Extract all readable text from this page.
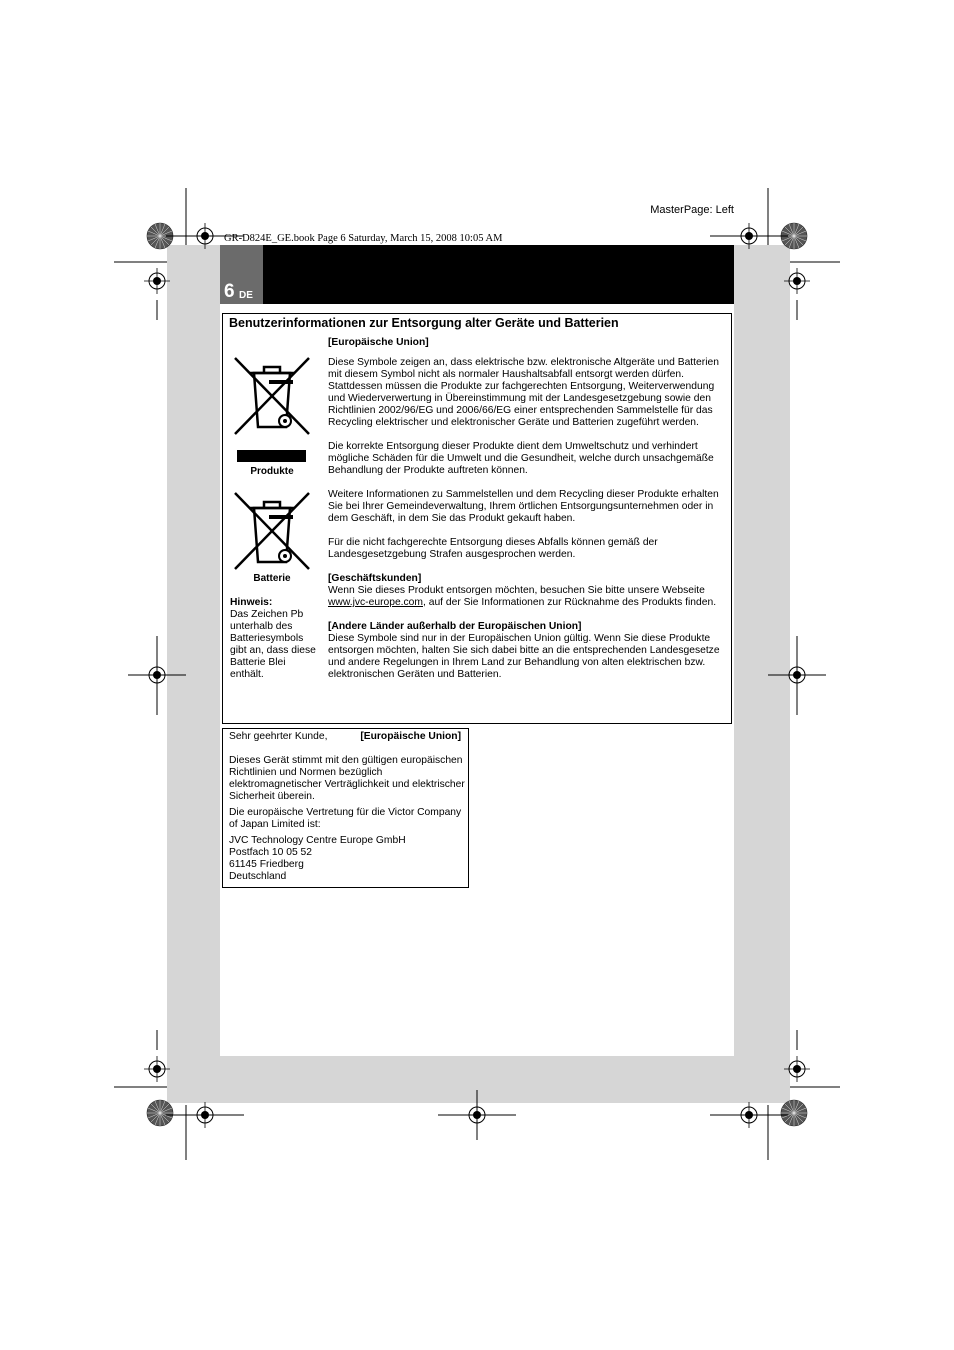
6 DE
MasterPage: Left
GR-D824E_GE.book Page 6 Saturday, March 15, 2008 10:05 AM
Benutzerinformationen zur Entsorgung alter Geräte und Batterien
Produkte
Batterie
Hinweis:
Das Zeichen Pb unterhalb des Batteriesymbols gibt an, dass diese Batterie Blei enthält.

[Europäische Union]

Diese Symbole zeigen an, dass elektrische bzw. elektronische Altgeräte und Batterien mit diesem Symbol nicht als normaler Haushaltsabfall entsorgt werden dürfen. Stattdessen müssen die Produkte zur fachgerechten Entsorgung, Weiterverwendung und Wiederverwertung in Übereinstimmung mit der Landesgesetzgebung sowie den Richtlinien 2002/96/EG und 2006/66/EG einer entsprechenden Sammelstelle für das Recycling elektrischer und elektronischer Geräte und Batterien zugeführt werden.

Die korrekte Entsorgung dieser Produkte dient dem Umweltschutz und verhindert mögliche Schäden für die Umwelt und die Gesundheit, welche durch unsachgemäße Behandlung der Produkte auftreten können.

Weitere Informationen zu Sammelstellen und dem Recycling dieser Produkte erhalten Sie bei Ihrer Gemeindeverwaltung, Ihrem örtlichen Entsorgungsunternehmen oder in dem Geschäft, in dem Sie das Produkt gekauft haben.

Für die nicht fachgerechte Entsorgung dieses Abfalls können gemäß der Landesgesetzgebung Strafen ausgesprochen werden.

[Geschäftskunden]

Wenn Sie dieses Produkt entsorgen möchten, besuchen Sie bitte unsere Webseite www.jvc-europe.com, auf der Sie Informationen zur Rücknahme des Produkts finden.

[Andere Länder außerhalb der Europäischen Union]

Diese Symbole sind nur in der Europäischen Union gültig. Wenn Sie diese Produkte entsorgen möchten, halten Sie sich dabei bitte an die entsprechenden Landesgesetze und andere Regelungen in Ihrem Land zur Behandlung von alten elektrischen bzw. elektronischen Geräten und Batterien.

Sehr geehrter Kunde,	[Europäische Union]

Dieses Gerät stimmt mit den gültigen europäischen Richtlinien und Normen bezüglich elektromagnetischer Verträglichkeit und elektrischer Sicherheit überein.

Die europäische Vertretung für die Victor Company of Japan Limited ist:

JVC Technology Centre Europe GmbH

Postfach 10 05 52

61145 Friedberg

Deutschland
